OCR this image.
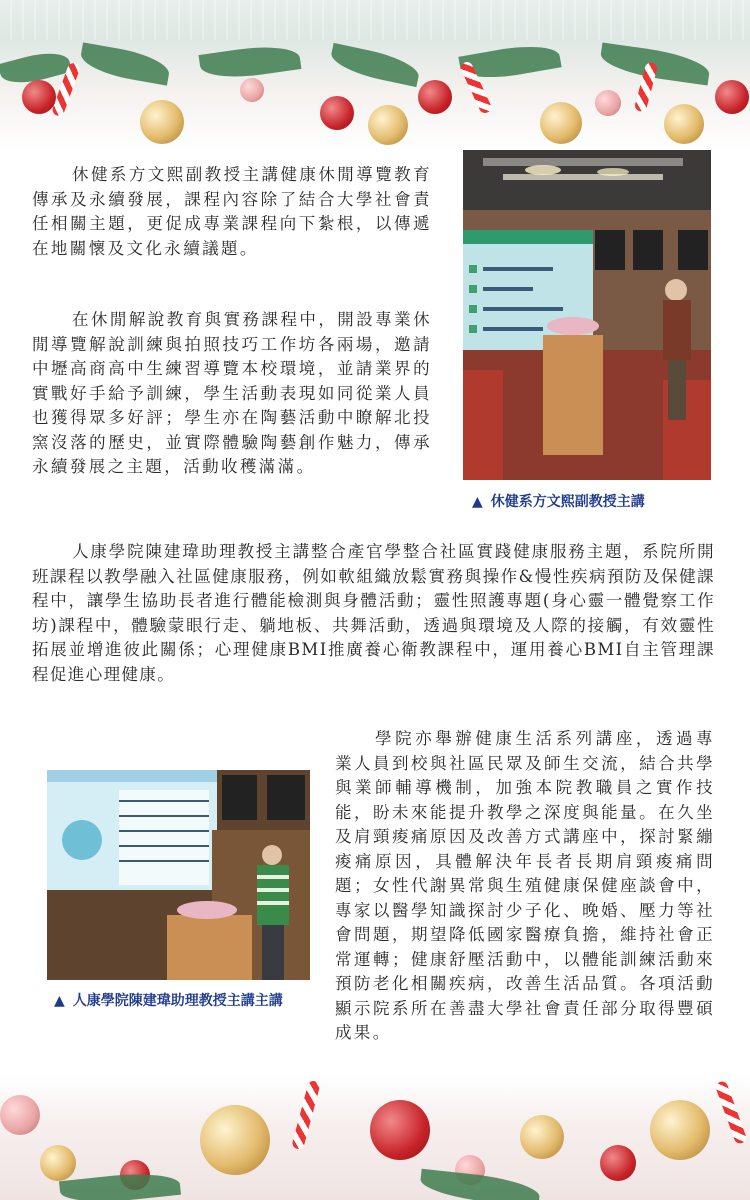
休健系方文熙副教授主講健康休閒導覽教育傳承及永續發展，課程內容除了結合大學社會責任相關主題，更促成專業課程向下紮根，以傳遞在地關懷及文化永續議題。

在休閒解說教育與實務課程中，開設專業休閒導覽解說訓練與拍照技巧工作坊各兩場，邀請中壢高商高中生練習導覽本校環境，並請業界的實戰好手給予訓練，學生活動表現如同從業人員也獲得眾多好評；學生亦在陶藝活動中瞭解北投窯沒落的歷史，並實際體驗陶藝創作魅力，傳承永續發展之主題，活動收穫滿滿。

▲ 休健系方文熙副教授主講

人康學院陳建瑋助理教授主講整合產官學整合社區實踐健康服務主題，系院所開班課程以教學融入社區健康服務，例如軟組織放鬆實務與操作&慢性疾病預防及保健課程中，讓學生協助長者進行體能檢測與身體活動；靈性照護專題(身心靈一體覺察工作坊)課程中，體驗蒙眼行走、躺地板、共舞活動，透過與環境及人際的接觸，有效靈性拓展並增進彼此關係；心理健康BMI推廣養心衛教課程中，運用養心BMI自主管理課程促進心理健康。

▲ 人康學院陳建瑋助理教授主講主講

學院亦舉辦健康生活系列講座，透過專業人員到校與社區民眾及師生交流，結合共學與業師輔導機制，加強本院教職員之實作技能，盼未來能提升教學之深度與能量。在久坐及肩頸痠痛原因及改善方式講座中，探討緊繃痠痛原因，具體解決年長者長期肩頸痠痛問題；女性代謝異常與生殖健康保健座談會中，專家以醫學知識探討少子化、晚婚、壓力等社會問題，期望降低國家醫療負擔，維持社會正常運轉；健康舒壓活動中，以體能訓練活動來預防老化相關疾病，改善生活品質。各項活動顯示院系所在善盡大學社會責任部分取得豐碩成果。
